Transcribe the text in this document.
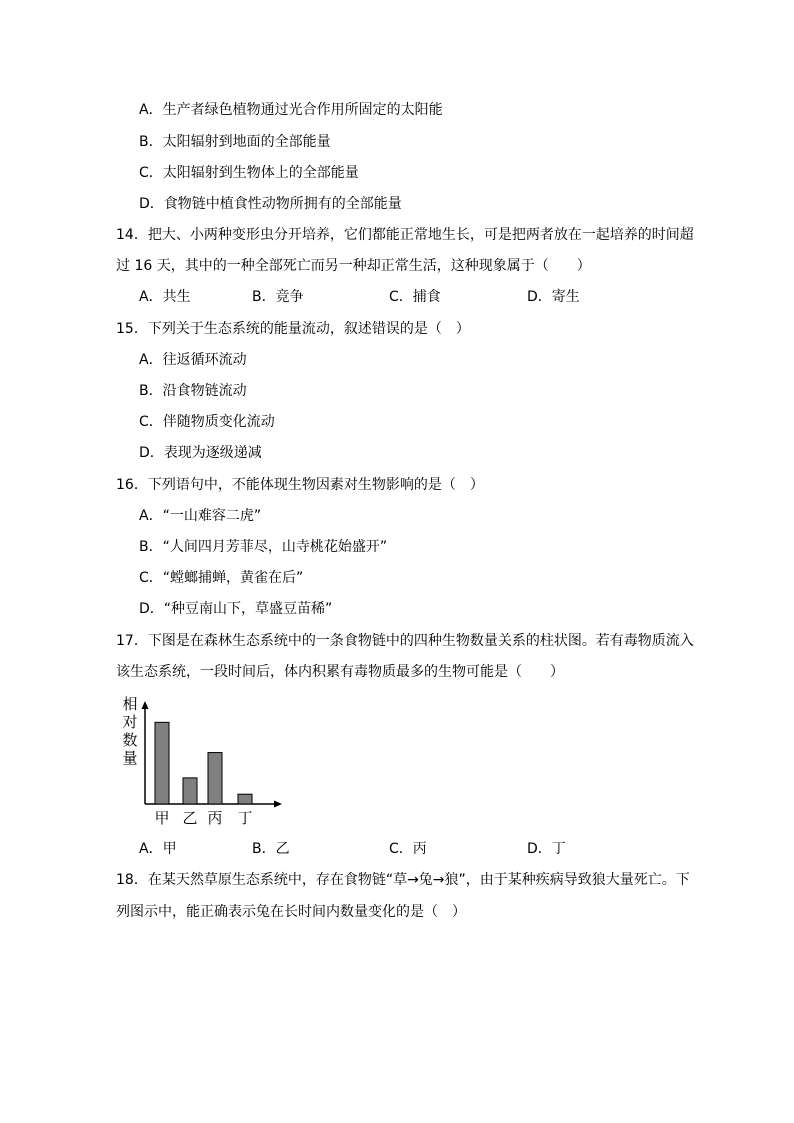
A．生产者绿色植物通过光合作用所固定的太阳能
B．太阳辐射到地面的全部能量
C．太阳辐射到生物体上的全部能量
D．食物链中植食性动物所拥有的全部能量
14．把大、小两种变形虫分开培养，它们都能正常地生长，可是把两者放在一起培养的时间超
过 16 天，其中的一种全部死亡而另一种却正常生活，这种现象属于（　　）
A．共生	B．竞争	C．捕食	D．寄生
15．下列关于生态系统的能量流动，叙述错误的是（　）
A．往返循环流动
B．沿食物链流动
C．伴随物质变化流动
D．表现为逐级递减
16．下列语句中，不能体现生物因素对生物影响的是（　）
A．“一山难容二虎”
B．“人间四月芳菲尽，山寺桃花始盛开”
C．“螳螂捕蝉，黄雀在后”
D．“种豆南山下，草盛豆苗稀”
17．下图是在森林生态系统中的一条食物链中的四种生物数量关系的柱状图。若有毒物质流入
该生态系统，一段时间后，体内积累有毒物质最多的生物可能是（　　）
相
对
数
量
甲 乙 丙 丁
A．甲	B．乙	C．丙	D．丁
18．在某天然草原生态系统中，存在食物链“草→兔→狼”，由于某种疾病导致狼大量死亡。下
列图示中，能正确表示兔在长时间内数量变化的是（　）
